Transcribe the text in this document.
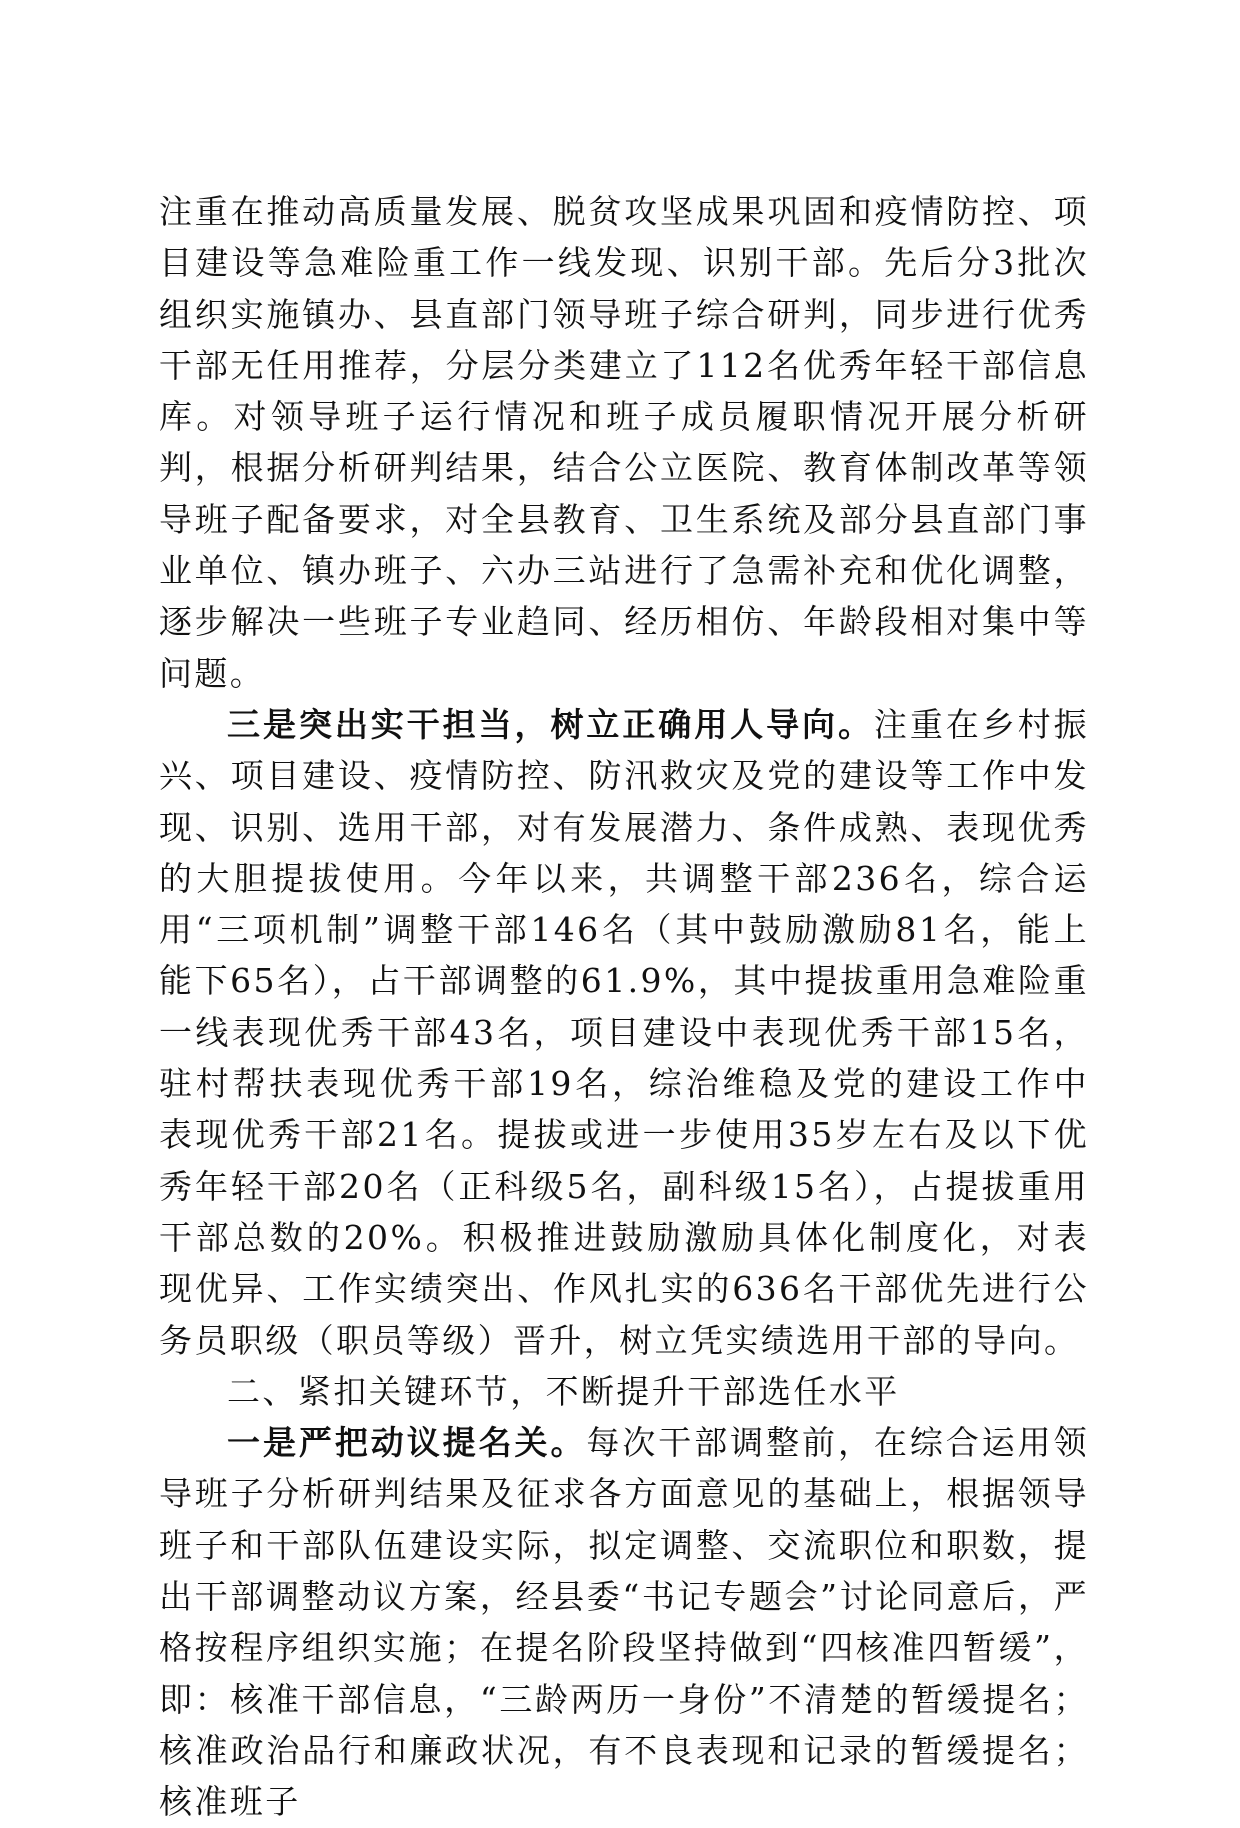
注重在推动高质量发展、脱贫攻坚成果巩固和疫情防控、项目建设等急难险重工作一线发现、识别干部。先后分3批次组织实施镇办、县直部门领导班子综合研判，同步进行优秀干部无任用推荐，分层分类建立了112名优秀年轻干部信息库。对领导班子运行情况和班子成员履职情况开展分析研判，根据分析研判结果，结合公立医院、教育体制改革等领导班子配备要求，对全县教育、卫生系统及部分县直部门事业单位、镇办班子、六办三站进行了急需补充和优化调整，逐步解决一些班子专业趋同、经历相仿、年龄段相对集中等问题。

三是突出实干担当，树立正确用人导向。注重在乡村振兴、项目建设、疫情防控、防汛救灾及党的建设等工作中发现、识别、选用干部，对有发展潜力、条件成熟、表现优秀的大胆提拔使用。今年以来，共调整干部236名，综合运用“三项机制”调整干部146名（其中鼓励激励81名，能上能下65名），占干部调整的61.9%，其中提拔重用急难险重一线表现优秀干部43名，项目建设中表现优秀干部15名，驻村帮扶表现优秀干部19名，综治维稳及党的建设工作中表现优秀干部21名。提拔或进一步使用35岁左右及以下优秀年轻干部20名（正科级5名，副科级15名），占提拔重用干部总数的20%。积极推进鼓励激励具体化制度化，对表现优异、工作实绩突出、作风扎实的636名干部优先进行公务员职级（职员等级）晋升，树立凭实绩选用干部的导向。

二、紧扣关键环节，不断提升干部选任水平

一是严把动议提名关。每次干部调整前，在综合运用领导班子分析研判结果及征求各方面意见的基础上，根据领导班子和干部队伍建设实际，拟定调整、交流职位和职数，提出干部调整动议方案，经县委“书记专题会”讨论同意后，严格按程序组织实施；在提名阶段坚持做到“四核准四暂缓”，即：核准干部信息，“三龄两历一身份”不清楚的暂缓提名；核准政治品行和廉政状况，有不良表现和记录的暂缓提名；核准班子
